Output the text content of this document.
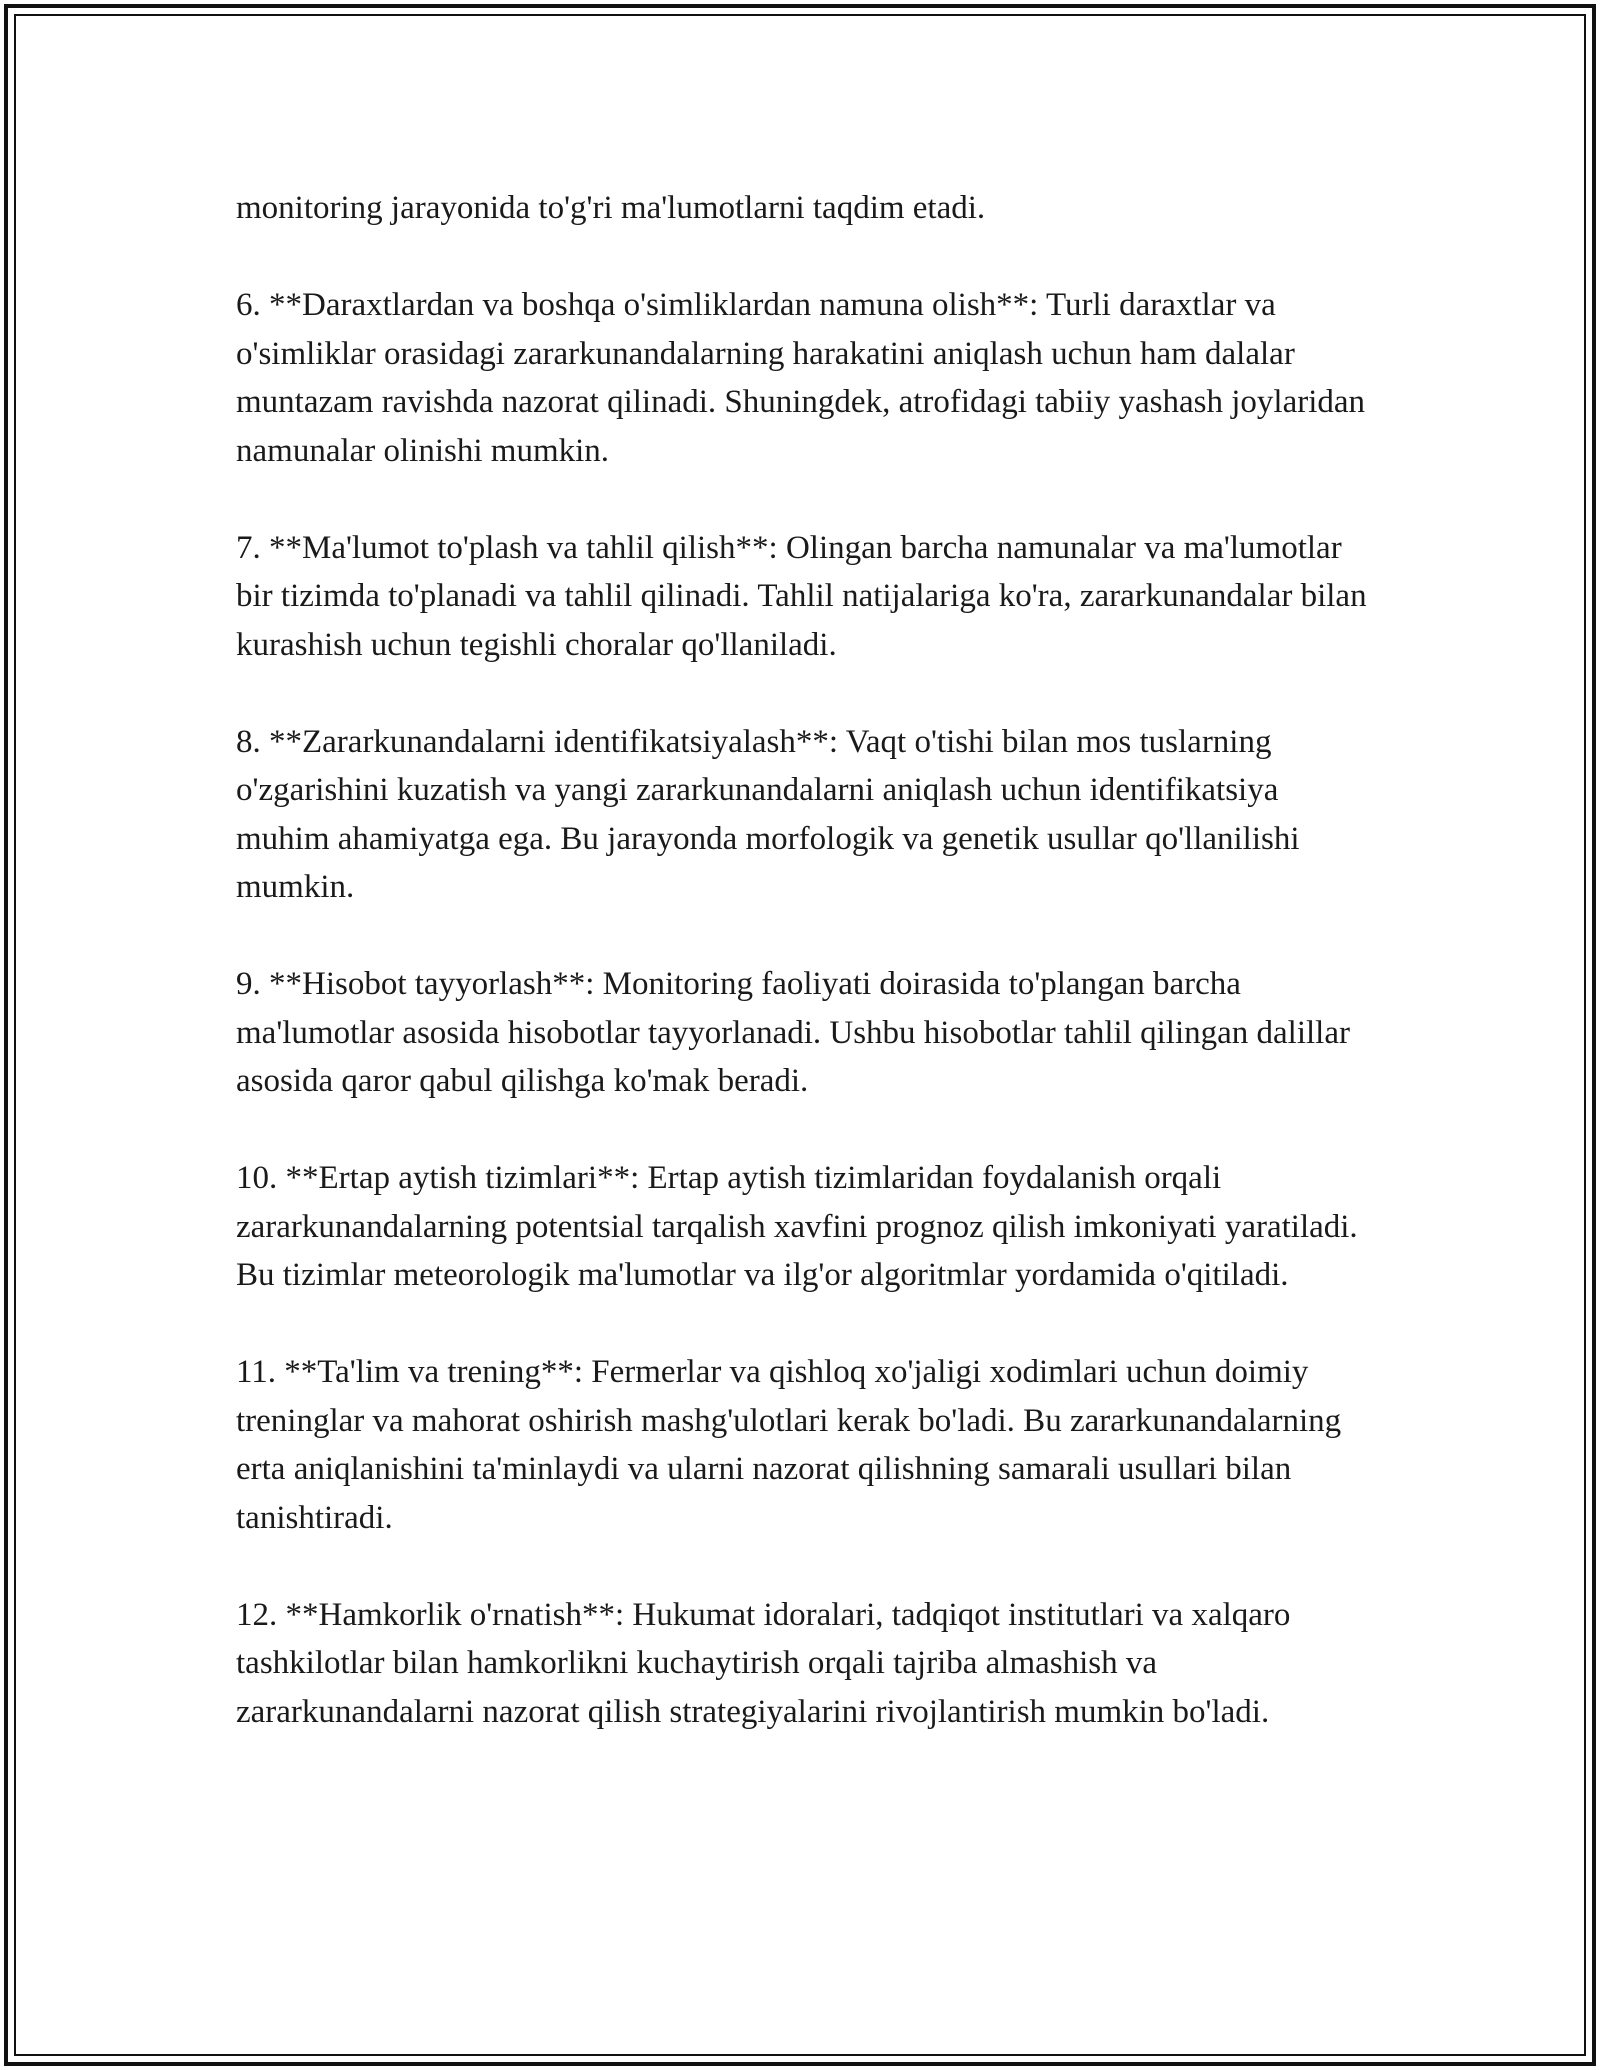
monitoring jarayonida to'g'ri ma'lumotlarni taqdim etadi.

6. **Daraxtlardan va boshqa o'simliklardan namuna olish**: Turli daraxtlar va o'simliklar orasidagi zararkunandalarning harakatini aniqlash uchun ham dalalar muntazam ravishda nazorat qilinadi. Shuningdek, atrofidagi tabiiy yashash joylaridan namunalar olinishi mumkin.

7. **Ma'lumot to'plash va tahlil qilish**: Olingan barcha namunalar va ma'lumotlar bir tizimda to'planadi va tahlil qilinadi. Tahlil natijalariga ko'ra, zararkunandalar bilan kurashish uchun tegishli choralar qo'llaniladi.

8. **Zararkunandalarni identifikatsiyalash**: Vaqt o'tishi bilan mos tuslarning o'zgarishini kuzatish va yangi zararkunandalarni aniqlash uchun identifikatsiya muhim ahamiyatga ega. Bu jarayonda morfologik va genetik usullar qo'llanilishi mumkin.

9. **Hisobot tayyorlash**: Monitoring faoliyati doirasida to'plangan barcha ma'lumotlar asosida hisobotlar tayyorlanadi. Ushbu hisobotlar tahlil qilingan dalillar asosida qaror qabul qilishga ko'mak beradi.

10. **Ertap aytish tizimlari**: Ertap aytish tizimlaridan foydalanish orqali zararkunandalarning potentsial tarqalish xavfini prognoz qilish imkoniyati yaratiladi. Bu tizimlar meteorologik ma'lumotlar va ilg'or algoritmlar yordamida o'qitiladi.

11. **Ta'lim va trening**: Fermerlar va qishloq xo'jaligi xodimlari uchun doimiy treninglar va mahorat oshirish mashg'ulotlari kerak bo'ladi. Bu zararkunandalarning erta aniqlanishini ta'minlaydi va ularni nazorat qilishning samarali usullari bilan tanishtiradi.

12. **Hamkorlik o'rnatish**: Hukumat idoralari, tadqiqot institutlari va xalqaro tashkilotlar bilan hamkorlikni kuchaytirish orqali tajriba almashish va zararkunandalarni nazorat qilish strategiyalarini rivojlantirish mumkin bo'ladi.
